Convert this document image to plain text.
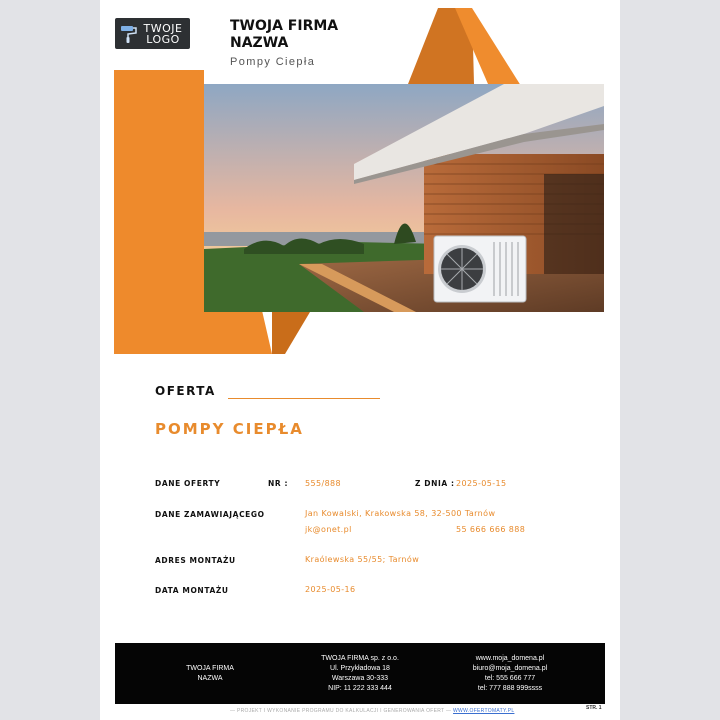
TWOJE
LOGO
TWOJA FIRMA
NAZWA
Pompy Ciepła
OFERTA
POMPY CIEPŁA
DANE OFERTY	NR : 555/888	Z DNIA : 2025-05-15
DANE ZAMAWIAJĄCEGO	Jan Kowalski, Krakowska 58, 32-500 Tarnów
jk@onet.pl	55 666 666 888
ADRES MONTAŻU	Kraólewska 55/55; Tarnów
DATA MONTAŻU	2025-05-16
TWOJA FIRMA
NAZWA
TWOJA FIRMA sp. z o.o.
Ul. Przykładowa 18
Warszawa 30-333
NIP: 11 222 333 444
www.moja_domena.pl
biuro@moja_domena.pl
tel: 555 666 777
tel: 777 888 999ssss
— PROJEKT I WYKONANIE PROGRAMU DO KALKULACJI I GENEROWANIA OFERT — WWW.OFERTOMATY.PL	STR. 1
